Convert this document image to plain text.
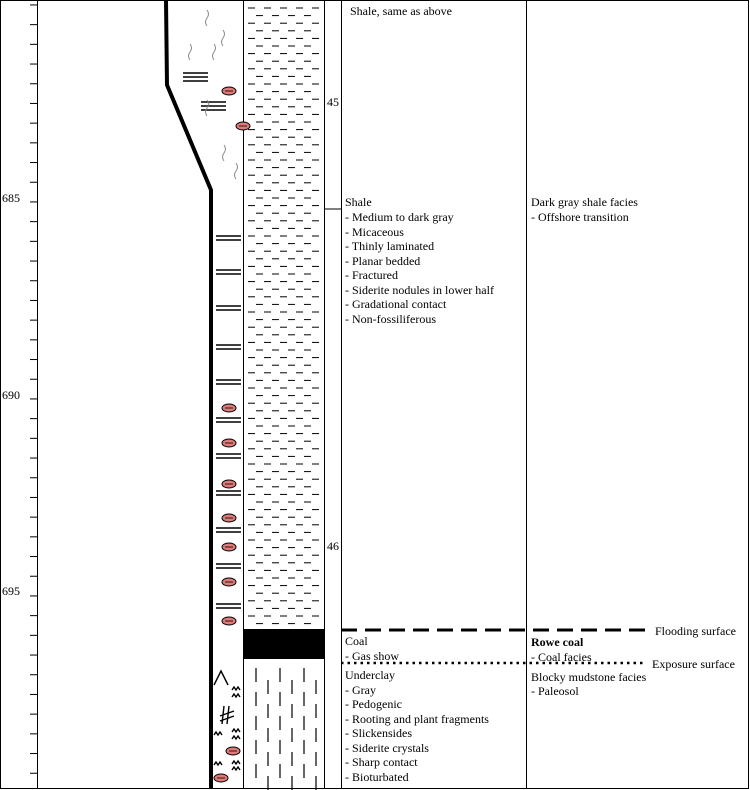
685
690
695
45
46
Flooding surface
Exposure surface
Shale, same as above
Shale
- Medium to dark gray
- Micaceous
- Thinly laminated
- Planar bedded
- Fractured
- Siderite nodules in lower half
- Gradational contact
- Non-fossiliferous
Coal
- Gas show
Underclay
- Gray
- Pedogenic
- Rooting and plant fragments
- Slickensides
- Siderite crystals
- Sharp contact
- Bioturbated
Dark gray shale facies
- Offshore transition
Rowe coal
- Coal facies
Blocky mudstone facies
- Paleosol
